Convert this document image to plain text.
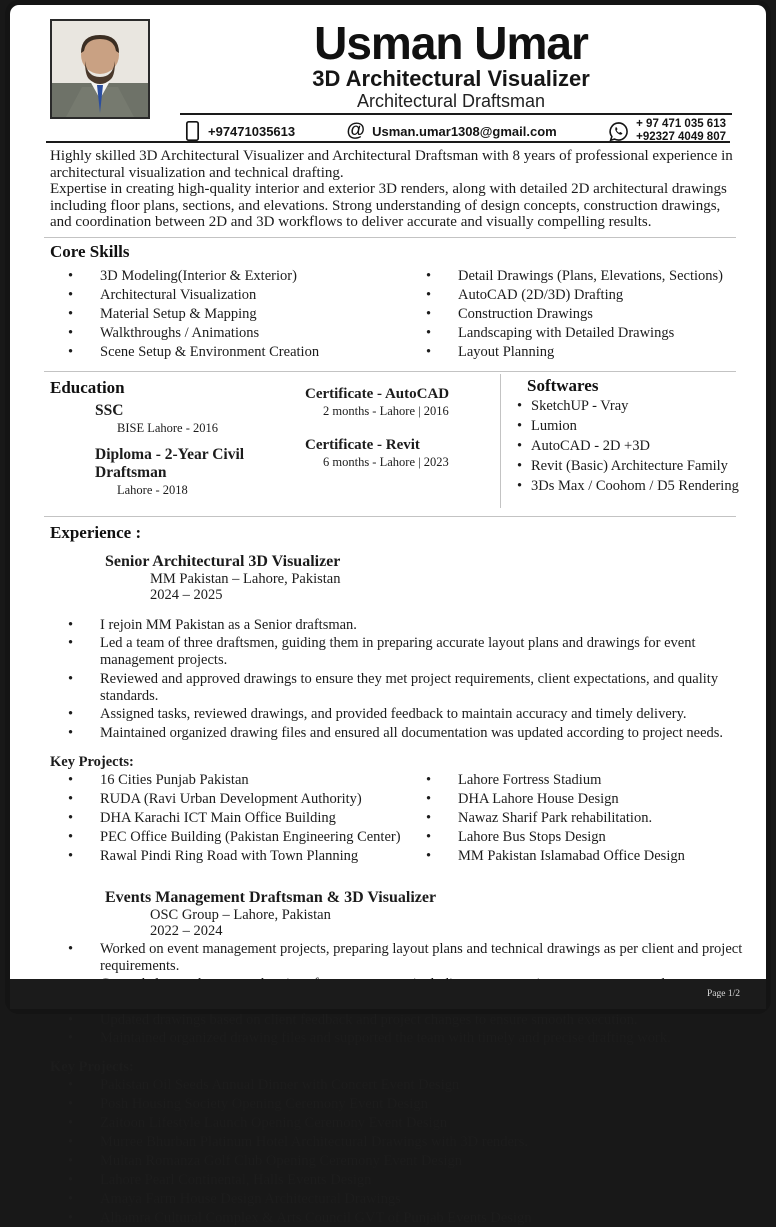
Usman Umar
3D Architectural Visualizer
Architectural Draftsman
+97471035613	@ Usman.umar1308@gmail.com	+ 97 471 035 613
+92327 4049 807

Highly skilled 3D Architectural Visualizer and Architectural Draftsman with 8 years of professional experience in architectural visualization and technical drafting.

Expertise in creating high-quality interior and exterior 3D renders, along with detailed 2D architectural drawings including floor plans, sections, and elevations. Strong understanding of design concepts, construction drawings, and coordination between 2D and 3D workflows to deliver accurate and visually compelling results.

Core Skills
• 3D Modeling(Interior & Exterior)
• Architectural Visualization
• Material Setup & Mapping
• Walkthroughs / Animations
• Scene Setup & Environment Creation
• Detail Drawings (Plans, Elevations, Sections)
• AutoCAD (2D/3D) Drafting
• Construction Drawings
• Landscaping with Detailed Drawings
• Layout Planning
Education
SSC
BISE Lahore - 2016
Diploma - 2-Year Civil Draftsman
Lahore - 2018
Certificate - AutoCAD
2 months - Lahore | 2016
Certificate - Revit
6 months - Lahore | 2023
Softwares
• SketchUP - Vray
• Lumion
• AutoCAD - 2D +3D
• Revit (Basic) Architecture Family
• 3Ds Max / Coohom / D5 Rendering
Experience :
Senior Architectural 3D Visualizer
MM Pakistan – Lahore, Pakistan
2024 – 2025
• I rejoin MM Pakistan as a Senior draftsman.
• Led a team of three draftsmen, guiding them in preparing accurate layout plans and drawings for event management projects.
• Reviewed and approved drawings to ensure they met project requirements, client expectations, and quality standards.
• Assigned tasks, reviewed drawings, and provided feedback to maintain accuracy and timely delivery.
• Maintained organized drawing files and ensured all documentation was updated according to project needs.
Key Projects:
• 16 Cities Punjab Pakistan
• RUDA (Ravi Urban Development Authority)
• DHA Karachi ICT Main Office Building
• PEC Office Building (Pakistan Engineering Center)
• Rawal Pindi Ring Road with Town Planning
• Lahore Fortress Stadium
• DHA Lahore House Design
• Nawaz Sharif Park rehabilitation.
• Lahore Bus Stops Design
• MM Pakistan Islamabad Office Design
Events Management Draftsman & 3D Visualizer
OSC Group – Lahore, Pakistan
2022 – 2024
• Worked on event management projects, preparing layout plans and technical drawings as per client and project requirements.
•
• Updated drawings based on client feedback and project changes to ensure smooth execution.
• Maintained organized drawing files and supported the team with timely and precise drafting work.
Key Projects:
• Pakistan Oil Seeds Annual Dinner with Concert Event Design
• Posh Housing Society Opening Ceremony Event Design
• Zaitoon Lifestyle Launch Opening Ceremony Event Design
• Murree Bhurban Platinum Hotel Architectural Drawings with 3D renders.
• Multan Romanza Golf Club Opening Ceremony Event Design
• Lahore Pearl Continental, Halls Events Design
• Amaya Farm House Design Architectural Drawings
• Alhamra Cultural Complex & Arts Council GVT of Punjab Events Design
Page 1/2
